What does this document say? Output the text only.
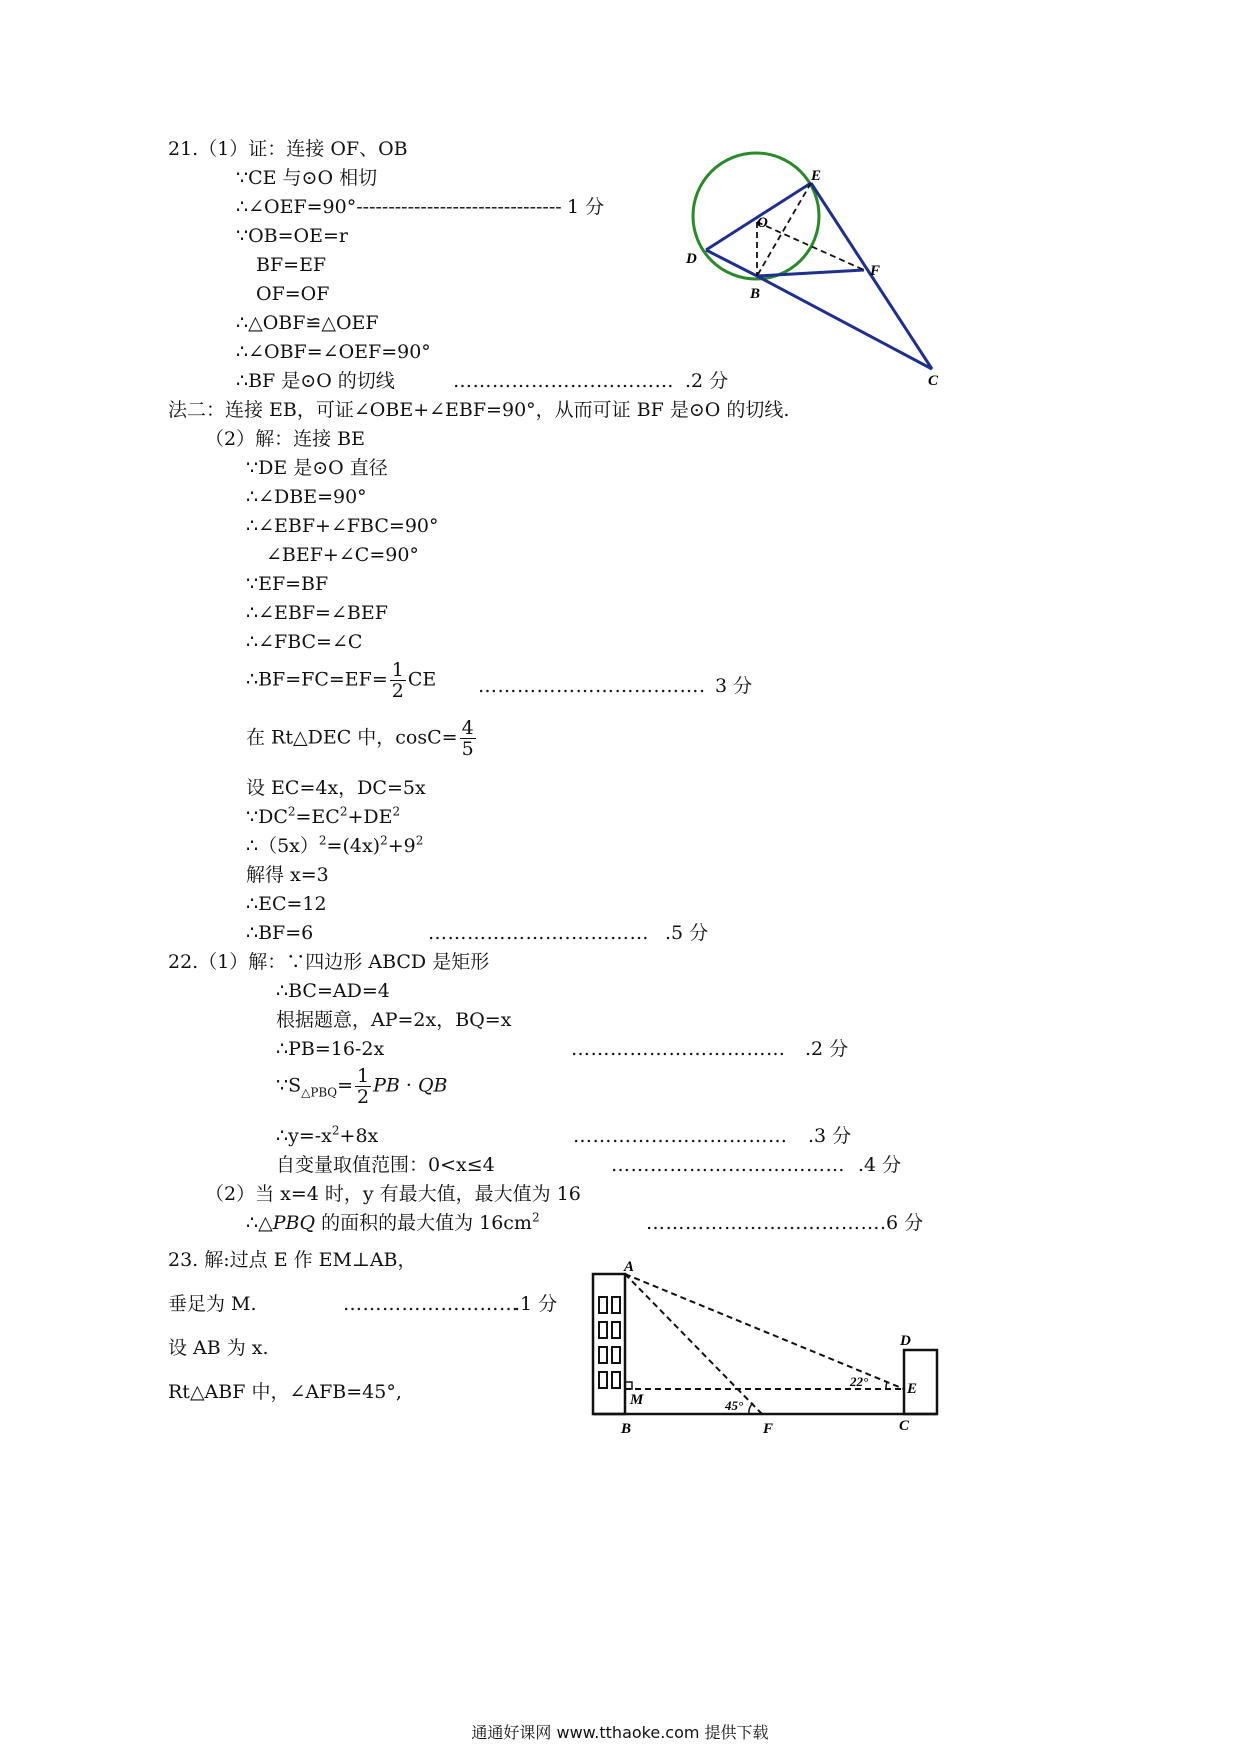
21.（1）证：连接 OF、OB
∵CE 与⊙O 相切
∴∠OEF=90°-------------------------------- 1 分
∵OB=OE=r
BF=EF
OF=OF
∴△OBF≌△OEF
∴∠OBF=∠OEF=90°
∴BF 是⊙O 的切线	………………….………… .2 分
法二：连接 EB，可证∠OBE+∠EBF=90°，从而可证 BF 是⊙O 的切线.
（2）解：连接 BE
∵DE 是⊙O 直径
∴∠DBE=90°
∴∠EBF+∠FBC=90°
∠BEF+∠C=90°
∵EF=BF
∴∠EBF=∠BEF
∴∠FBC=∠C
∴BF=FC=EF= $\frac{1}{2}$ CE ……………………….……. 3 分
在 Rt△DEC 中，$\cos C= \frac{4}{5}$
设 EC=4x，DC=5x
$\because DC^2=EC^2+DE^2$
$\therefore(5x)^2=(4x)^2+9^2$
解得 x=3
∴EC=12
∴BF=6	………………….………… .5 分
E
O
D
F
B
C
22.（1）解：∵四边形 ABCD 是矩形
∴BC=AD=4
根据题意，AP=2x，BQ=x
∴PB=16-2x	…………………………… .2 分
$\because S_{\triangle PBQ}= \frac{1}{2}$ PB · QB
$\therefore y=-x^2+8x$	…………………………… .3 分
自变量取值范围：0<x≤4	……………………………… .4 分
（2）当 x=4 时，y 有最大值，最大值为 16
∴△PBQ 的面积的最大值为 $16cm^2$	……………………………… .6 分
23. 解:过点 E 作 EM⊥AB，
垂足为 M.	………………………
.1 分
设 AB 为 x.
Rt△ABF 中，∠AFB=45°,
A
D
M
E
B	F	C
45°
22°
通通好课网 www.tthaoke.com 提供下载
